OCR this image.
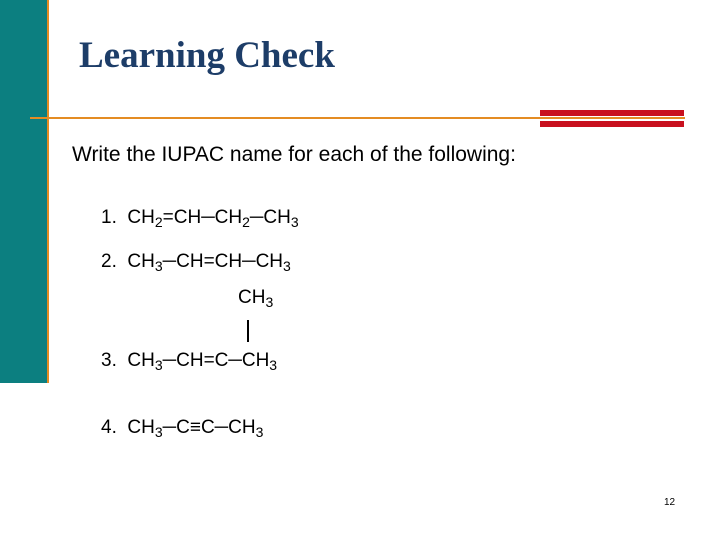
Learning Check
Write the IUPAC name for each of the following:
1. $CH_2=CH─CH_2─CH_3$
2. $CH_3─CH=CH─CH_3$
$CH_3$
3. $CH_3─CH=C─CH_3$
4. $CH_3─C\equiv C─CH_3$
12
